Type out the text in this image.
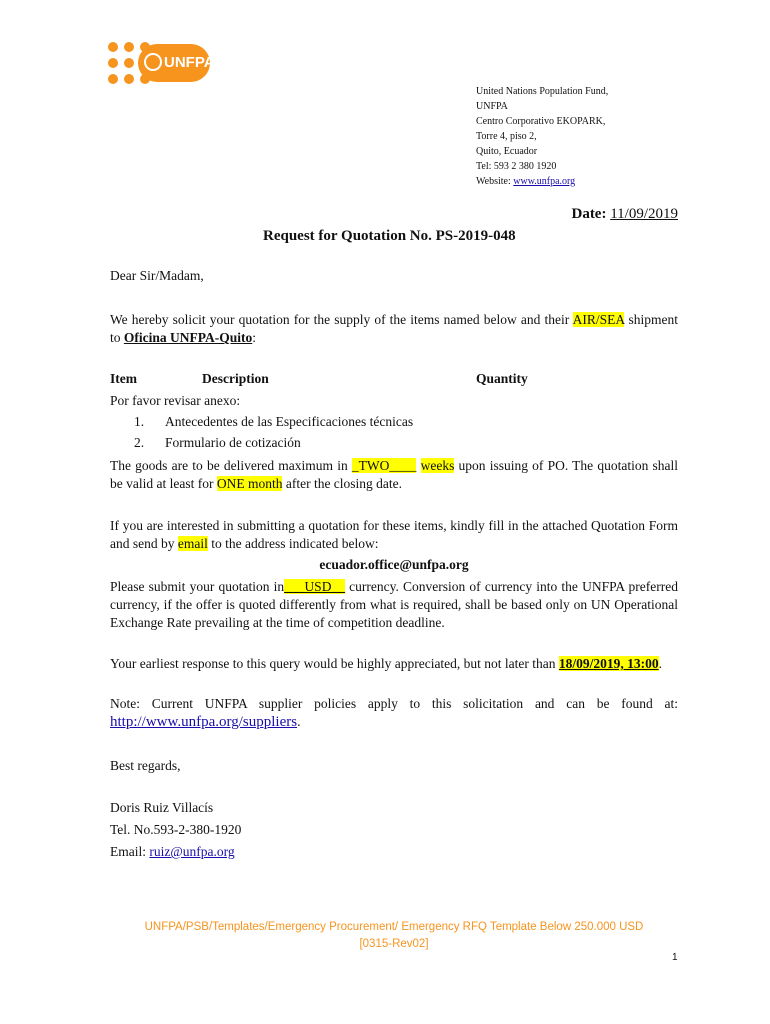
UNFPA
United Nations Population Fund,
UNFPA
Centro Corporativo EKOPARK,
Torre 4, piso 2,
Quito, Ecuador
Tel: 593 2 380 1920
Website: www.unfpa.org
Date: 11/09/2019
Request for Quotation No. PS-2019-048
Dear Sir/Madam,
We hereby solicit your quotation for the supply of the items named below and their AIR/SEA shipment to Oficina UNFPA-Quito:
Item	Description	Quantity
Por favor revisar anexo:
1. Antecedentes de las Especificaciones técnicas
2. Formulario de cotización
The goods are to be delivered maximum in _TWO____ weeks upon issuing of PO. The quotation shall be valid at least for ONE month after the closing date.
If you are interested in submitting a quotation for these items, kindly fill in the attached Quotation Form and send by email to the address indicated below:
ecuador.office@unfpa.org
Please submit your quotation in___USD__ currency. Conversion of currency into the UNFPA preferred currency, if the offer is quoted differently from what is required, shall be based only on UN Operational Exchange Rate prevailing at the time of competition deadline.
Your earliest response to this query would be highly appreciated, but not later than 18/09/2019, 13:00.
Note: Current UNFPA supplier policies apply to this solicitation and can be found at: http://www.unfpa.org/suppliers.
Best regards,
Doris Ruiz Villacís
Tel. No.593-2-380-1920
Email: ruiz@unfpa.org
UNFPA/PSB/Templates/Emergency Procurement/ Emergency RFQ Template Below 250.000 USD
[0315-Rev02]
1
